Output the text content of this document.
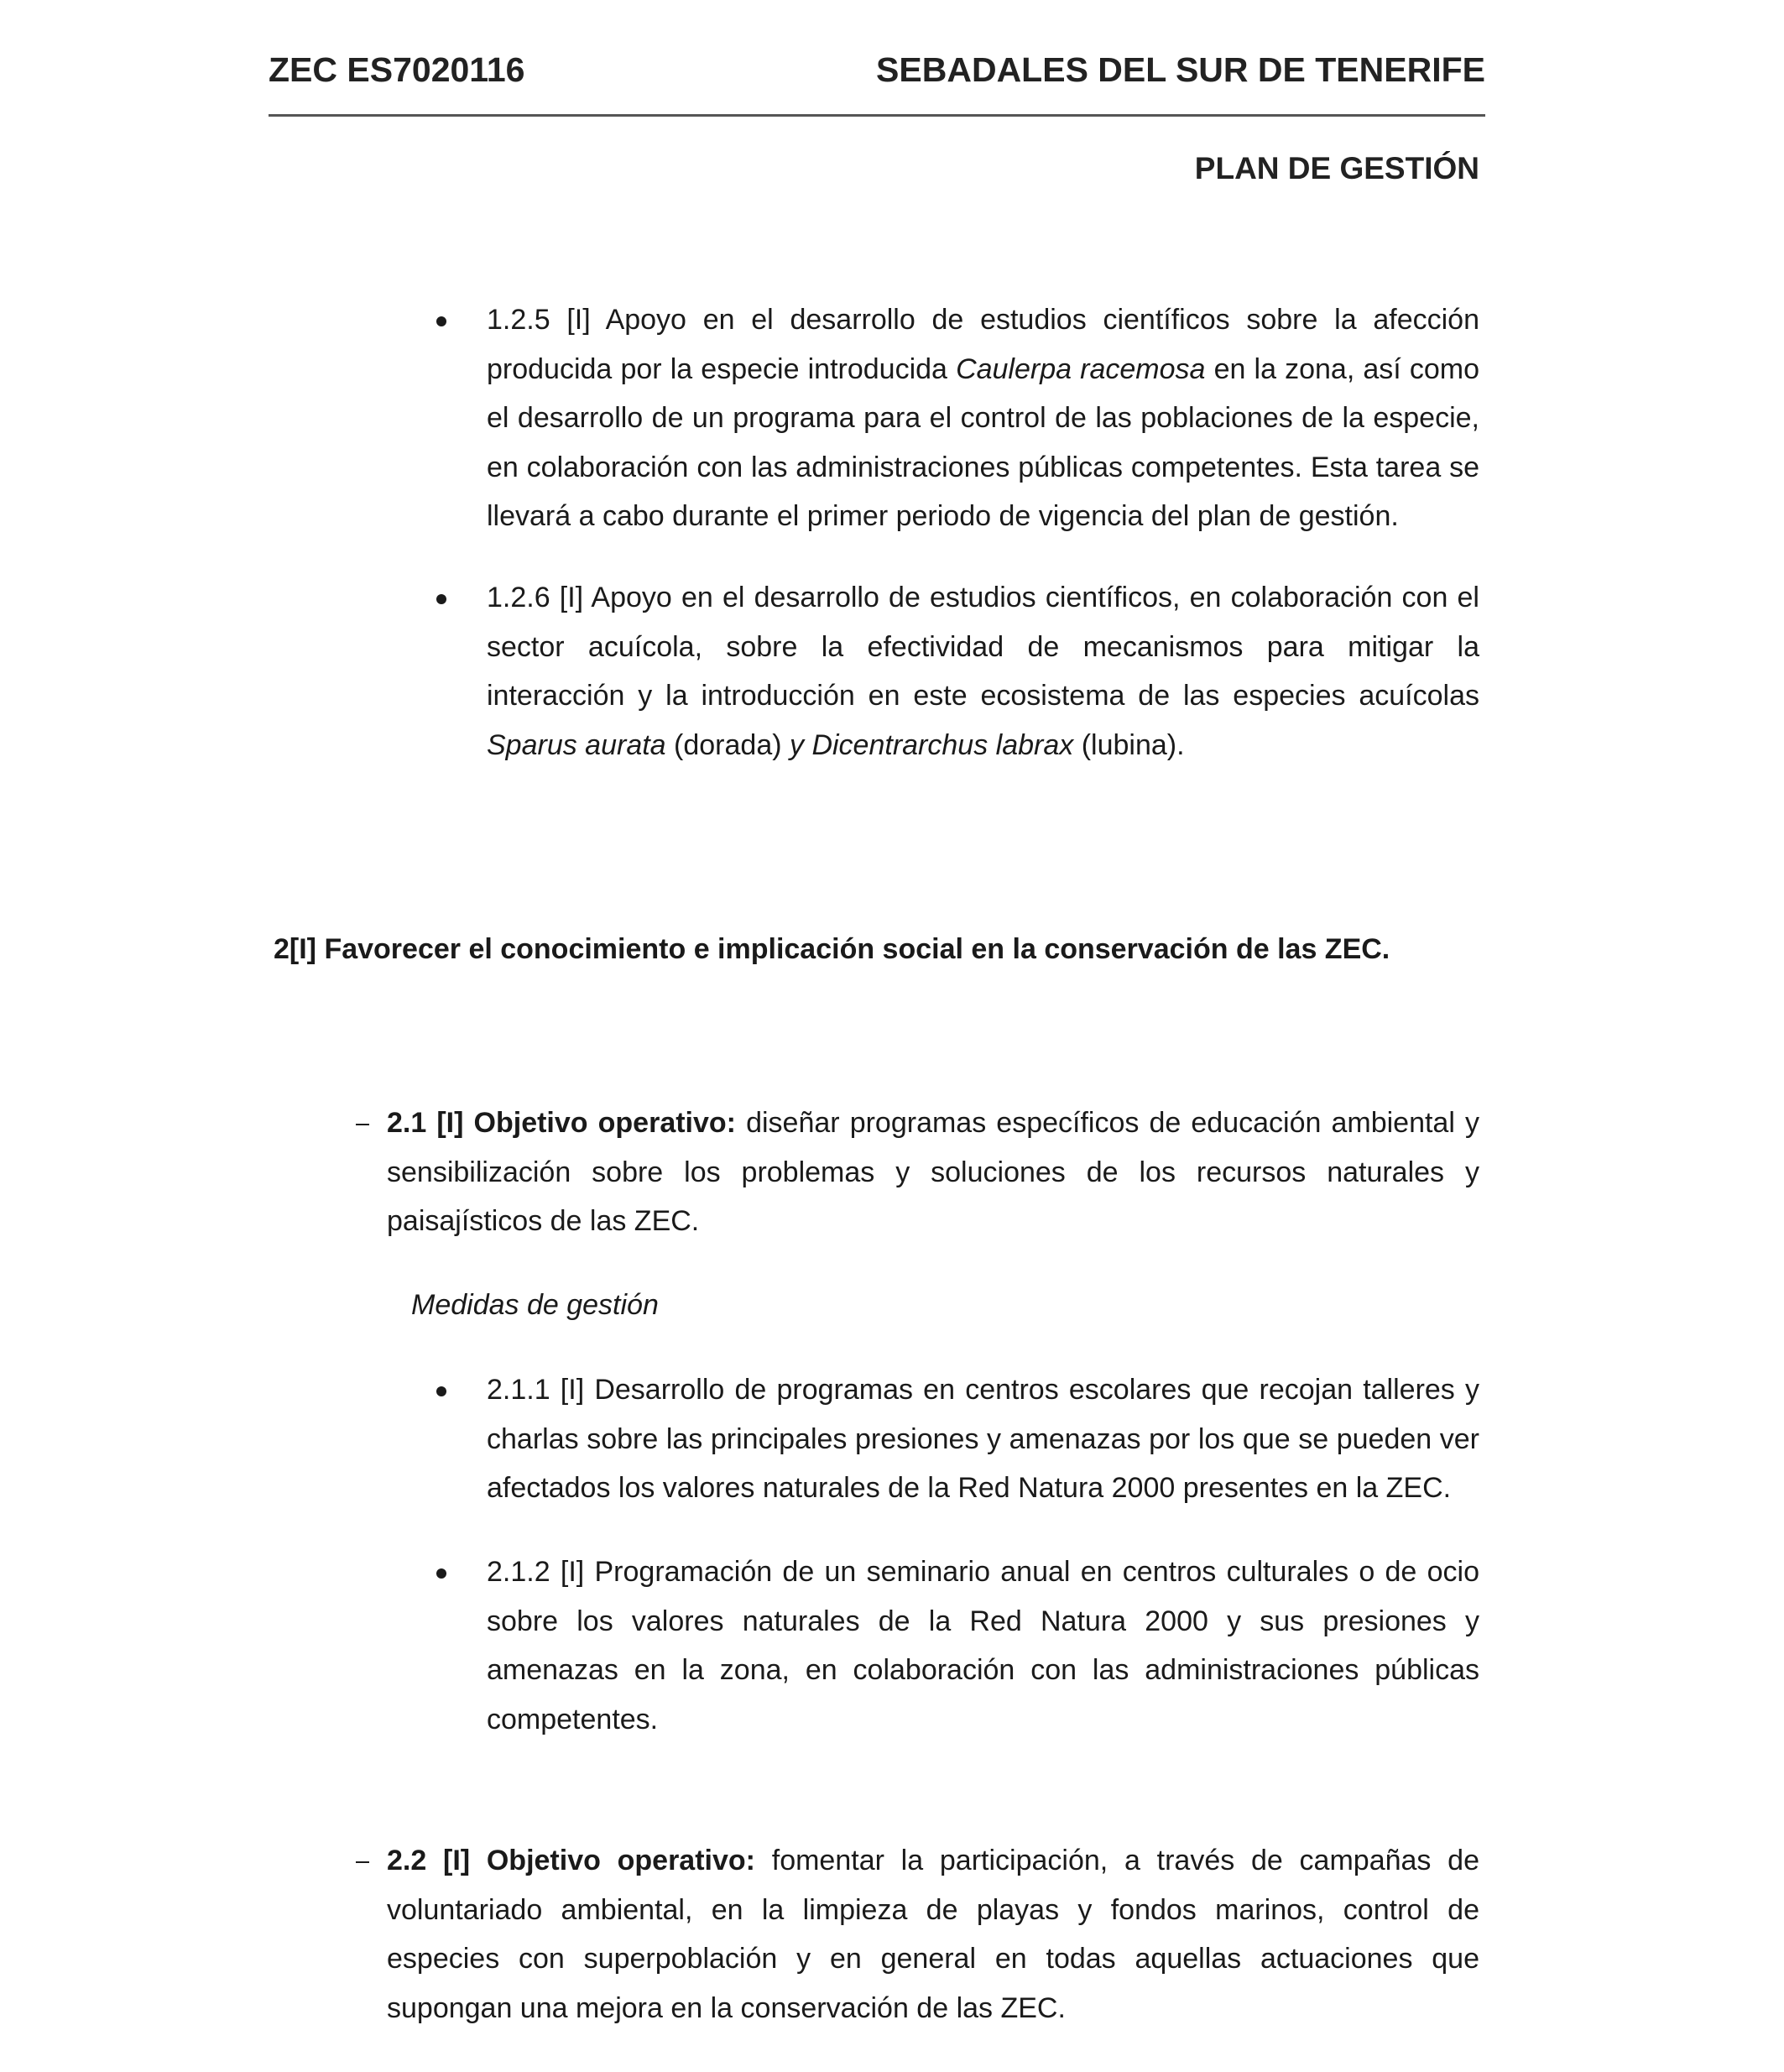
ZEC ES7020116	SEBADALES DEL SUR DE TENERIFE
PLAN DE GESTIÓN

1.2.5 [I] Apoyo en el desarrollo de estudios científicos sobre la afección producida por la especie introducida Caulerpa racemosa en la zona, así como el desarrollo de un programa para el control de las poblaciones de la especie, en colaboración con las administraciones públicas competentes. Esta tarea se llevará a cabo durante el primer periodo de vigencia del plan de gestión.

1.2.6 [I] Apoyo en el desarrollo de estudios científicos, en colaboración con el sector acuícola, sobre la efectividad de mecanismos para mitigar la interacción y la introducción en este ecosistema de las especies acuícolas Sparus aurata (dorada) y Dicentrarchus labrax (lubina).

2[I] Favorecer el conocimiento e implicación social en la conservación de las ZEC.

2.1 [I] Objetivo operativo: diseñar programas específicos de educación ambiental y sensibilización sobre los problemas y soluciones de los recursos naturales y paisajísticos de las ZEC.

Medidas de gestión

2.1.1 [I] Desarrollo de programas en centros escolares que recojan talleres y charlas sobre las principales presiones y amenazas por los que se pueden ver afectados los valores naturales de la Red Natura 2000 presentes en la ZEC.

2.1.2 [I] Programación de un seminario anual en centros culturales o de ocio sobre los valores naturales de la Red Natura 2000 y sus presiones y amenazas en la zona, en colaboración con las administraciones públicas competentes.

2.2 [I] Objetivo operativo: fomentar la participación, a través de campañas de voluntariado ambiental, en la limpieza de playas y fondos marinos, control de especies con superpoblación y en general en todas aquellas actuaciones que supongan una mejora en la conservación de las ZEC.
